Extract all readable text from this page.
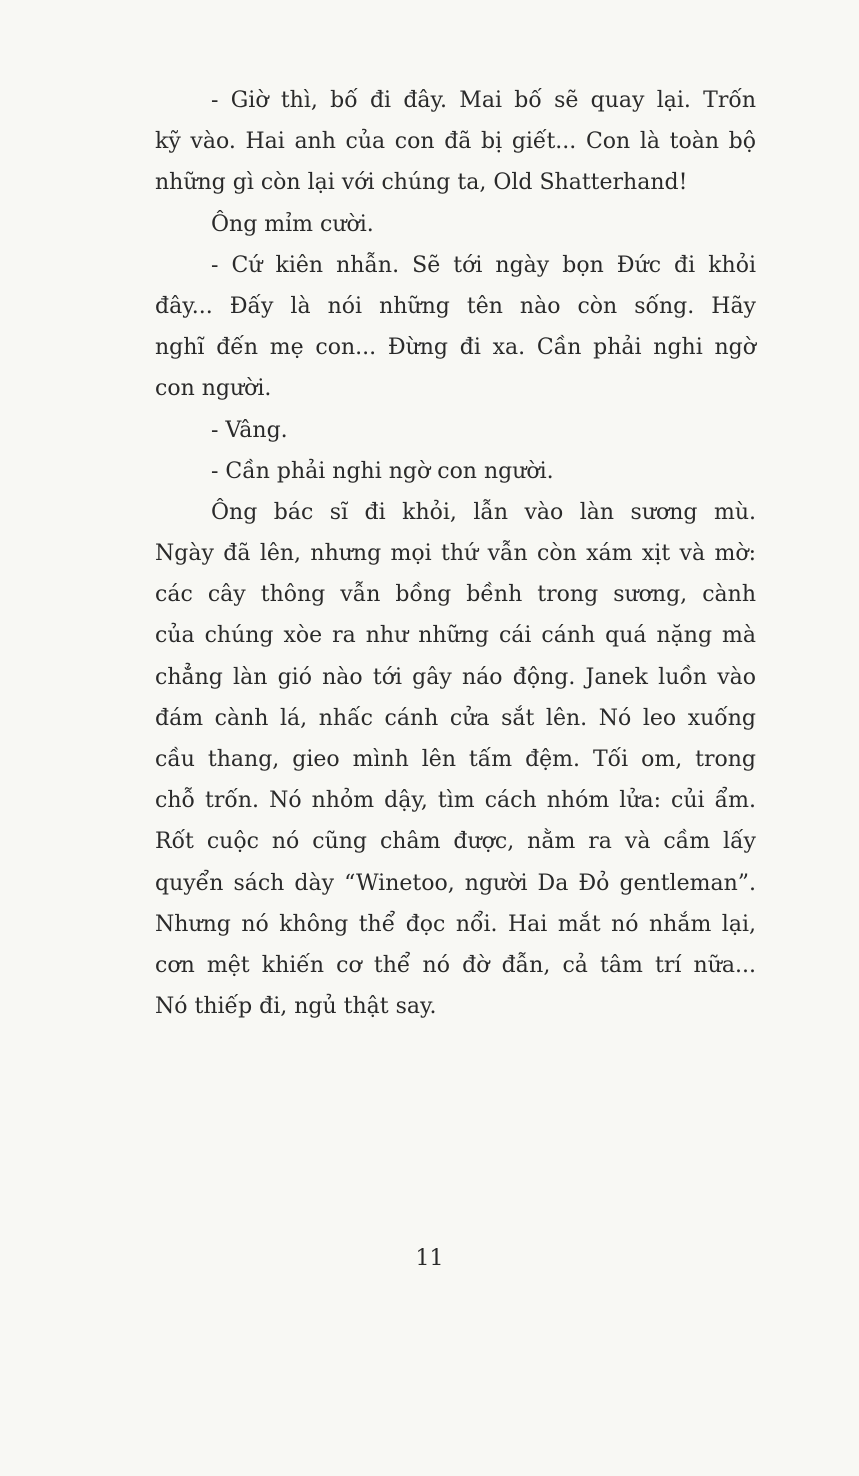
- Giờ thì, bố đi đây. Mai bố sẽ quay lại. Trốn
kỹ vào. Hai anh của con đã bị giết... Con là toàn bộ
những gì còn lại với chúng ta, Old Shatterhand!
Ông mỉm cười.
- Cứ kiên nhẫn. Sẽ tới ngày bọn Đức đi khỏi
đây... Đấy là nói những tên nào còn sống. Hãy
nghĩ đến mẹ con... Đừng đi xa. Cần phải nghi ngờ
con người.
- Vâng.
- Cần phải nghi ngờ con người.
Ông bác sĩ đi khỏi, lẫn vào làn sương mù.
Ngày đã lên, nhưng mọi thứ vẫn còn xám xịt và mờ:
các cây thông vẫn bồng bềnh trong sương, cành
của chúng xòe ra như những cái cánh quá nặng mà
chẳng làn gió nào tới gây náo động. Janek luồn vào
đám cành lá, nhấc cánh cửa sắt lên. Nó leo xuống
cầu thang, gieo mình lên tấm đệm. Tối om, trong
chỗ trốn. Nó nhỏm dậy, tìm cách nhóm lửa: củi ẩm.
Rốt cuộc nó cũng châm được, nằm ra và cầm lấy
quyển sách dày “Winetoo, người Da Đỏ gentleman”.
Nhưng nó không thể đọc nổi. Hai mắt nó nhắm lại,
cơn mệt khiến cơ thể nó đờ đẫn, cả tâm trí nữa...
Nó thiếp đi, ngủ thật say.
11
